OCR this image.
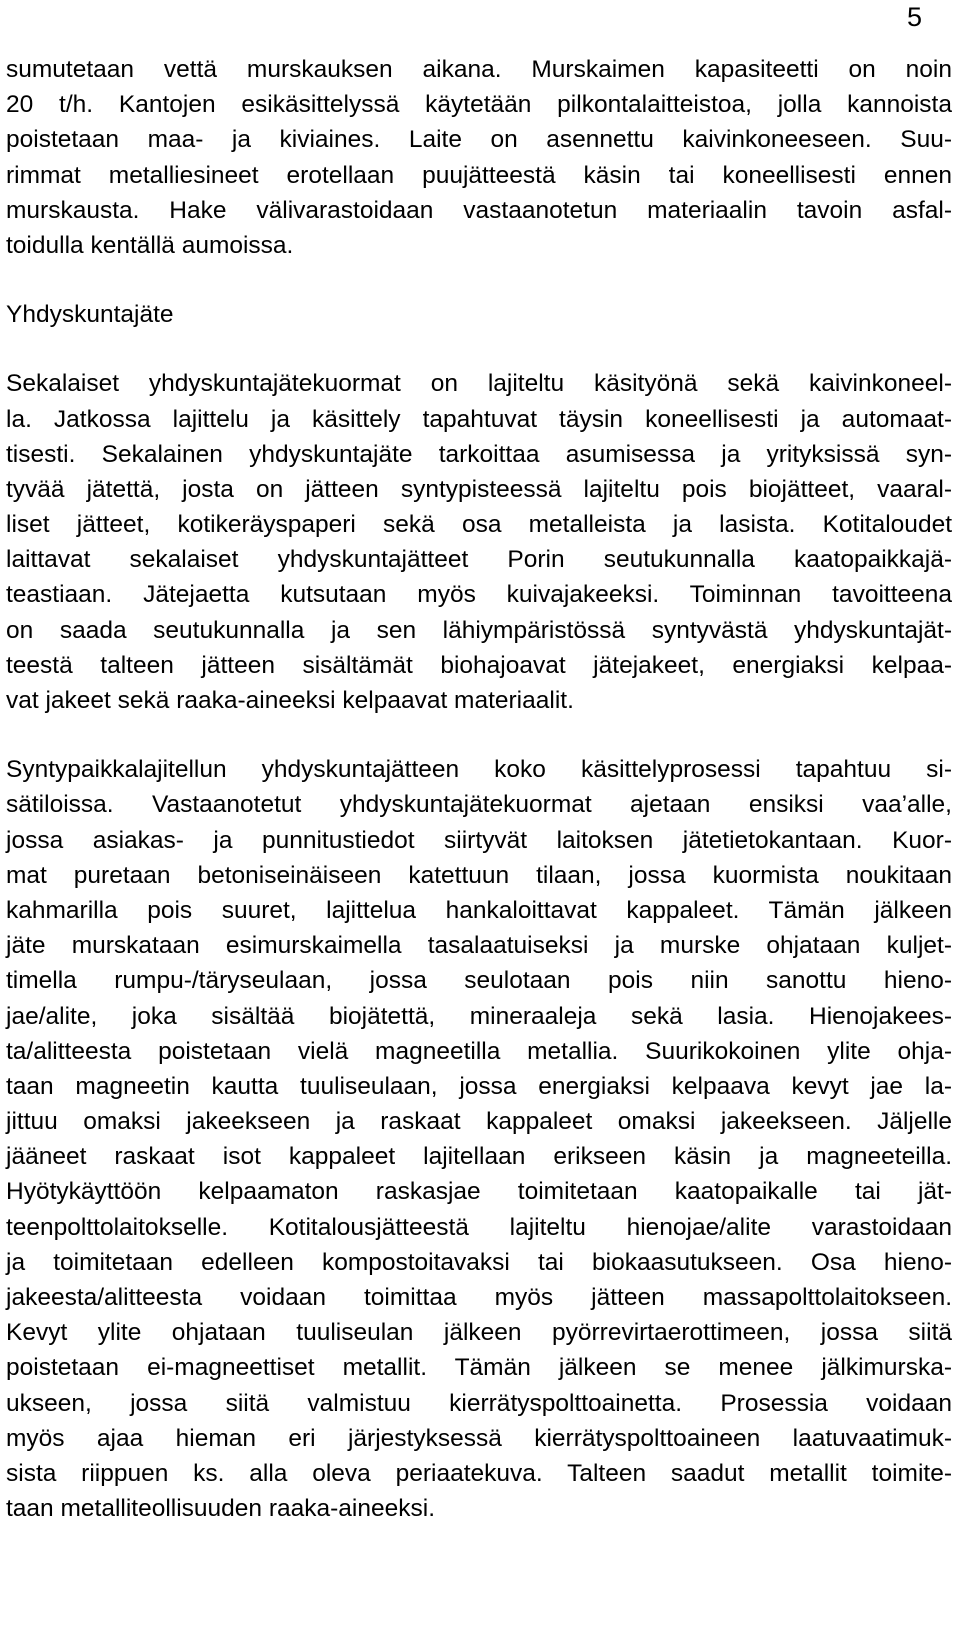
5
sumutetaan vettä murskauksen aikana. Murskaimen kapasiteetti on noin
20 t/h. Kantojen esikäsittelyssä käytetään pilkontalaitteistoa, jolla kannoista
poistetaan maa- ja kiviaines. Laite on asennettu kaivinkoneeseen. Suu-
rimmat metalliesineet erotellaan puujätteestä käsin tai koneellisesti ennen
murskausta. Hake välivarastoidaan vastaanotetun materiaalin tavoin asfal-
toidulla kentällä aumoissa.
Yhdyskuntajäte
Sekalaiset yhdyskuntajätekuormat on lajiteltu käsityönä sekä kaivinkoneel-
la. Jatkossa lajittelu ja käsittely tapahtuvat täysin koneellisesti ja automaat-
tisesti. Sekalainen yhdyskuntajäte tarkoittaa asumisessa ja yrityksissä syn-
tyvää jätettä, josta on jätteen syntypisteessä lajiteltu pois biojätteet, vaaral-
liset jätteet, kotikeräyspaperi sekä osa metalleista ja lasista. Kotitaloudet
laittavat sekalaiset yhdyskuntajätteet Porin seutukunnalla kaatopaikkajä-
teastiaan. Jätejaetta kutsutaan myös kuivajakeeksi. Toiminnan tavoitteena
on saada seutukunnalla ja sen lähiympäristössä syntyvästä yhdyskuntajät-
teestä talteen jätteen sisältämät biohajoavat jätejakeet, energiaksi kelpaa-
vat jakeet sekä raaka-aineeksi kelpaavat materiaalit.
Syntypaikkalajitellun yhdyskuntajätteen koko käsittelyprosessi tapahtuu si-
sätiloissa. Vastaanotetut yhdyskuntajätekuormat ajetaan ensiksi vaa’alle,
jossa asiakas- ja punnitustiedot siirtyvät laitoksen jätetietokantaan. Kuor-
mat puretaan betoniseinäiseen katettuun tilaan, jossa kuormista noukitaan
kahmarilla pois suuret, lajittelua hankaloittavat kappaleet. Tämän jälkeen
jäte murskataan esimurskaimella tasalaatuiseksi ja murske ohjataan kuljet-
timella rumpu-/täryseulaan, jossa seulotaan pois niin sanottu hieno-
jae/alite, joka sisältää biojätettä, mineraaleja sekä lasia. Hienojakees-
ta/alitteesta poistetaan vielä magneetilla metallia. Suurikokoinen ylite ohja-
taan magneetin kautta tuuliseulaan, jossa energiaksi kelpaava kevyt jae la-
jittuu omaksi jakeekseen ja raskaat kappaleet omaksi jakeekseen. Jäljelle
jääneet raskaat isot kappaleet lajitellaan erikseen käsin ja magneeteilla.
Hyötykäyttöön kelpaamaton raskasjae toimitetaan kaatopaikalle tai jät-
teenpolttolaitokselle. Kotitalousjätteestä lajiteltu hienojae/alite varastoidaan
ja toimitetaan edelleen kompostoitavaksi tai biokaasutukseen. Osa hieno-
jakeesta/alitteesta voidaan toimittaa myös jätteen massapolttolaitokseen.
Kevyt ylite ohjataan tuuliseulan jälkeen pyörrevirtaerottimeen, jossa siitä
poistetaan ei-magneettiset metallit. Tämän jälkeen se menee jälkimurska-
ukseen, jossa siitä valmistuu kierrätyspolttoainetta. Prosessia voidaan
myös ajaa hieman eri järjestyksessä kierrätyspolttoaineen laatuvaatimuk-
sista riippuen ks. alla oleva periaatekuva. Talteen saadut metallit toimite-
taan metalliteollisuuden raaka-aineeksi.
